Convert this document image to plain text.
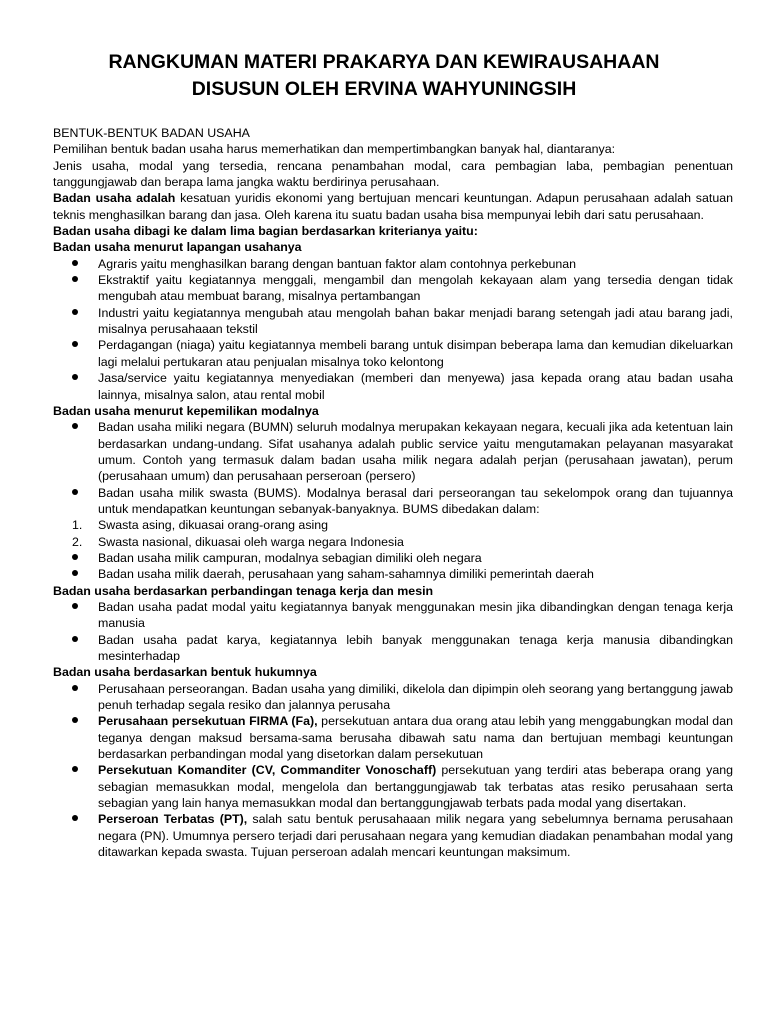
RANGKUMAN MATERI PRAKARYA DAN KEWIRAUSAHAAN
DISUSUN OLEH ERVINA WAHYUNINGSIH

BENTUK-BENTUK BADAN USAHA

Pemilihan bentuk badan usaha harus memerhatikan dan mempertimbangkan banyak hal, diantaranya:

Jenis usaha, modal yang tersedia, rencana penambahan modal, cara pembagian laba, pembagian penentuan tanggungjawab dan berapa lama jangka waktu berdirinya perusahaan.

Badan usaha adalah kesatuan yuridis ekonomi yang bertujuan mencari keuntungan. Adapun perusahaan adalah satuan teknis menghasilkan barang dan jasa. Oleh karena itu suatu badan usaha bisa mempunyai lebih dari satu perusahaan.

Badan usaha dibagi ke dalam lima bagian berdasarkan kriterianya yaitu:

Badan usaha menurut lapangan usahanya

Agraris yaitu menghasilkan barang dengan bantuan faktor alam contohnya perkebunan
Ekstraktif yaitu kegiatannya menggali, mengambil dan mengolah kekayaan alam yang tersedia dengan tidak mengubah atau membuat barang, misalnya pertambangan
Industri yaitu kegiatannya mengubah atau mengolah bahan bakar menjadi barang setengah jadi atau barang jadi, misalnya perusahaaan tekstil
Perdagangan (niaga) yaitu kegiatannya membeli barang untuk disimpan beberapa lama dan kemudian dikeluarkan lagi melalui pertukaran atau penjualan misalnya toko kelontong
Jasa/service yaitu kegiatannya menyediakan (memberi dan menyewa) jasa kepada orang atau badan usaha lainnya, misalnya salon, atau rental mobil

Badan usaha menurut kepemilikan modalnya

Badan usaha miliki negara (BUMN) seluruh modalnya merupakan kekayaan negara, kecuali jika ada ketentuan lain berdasarkan undang-undang. Sifat usahanya adalah public service yaitu mengutamakan pelayanan masyarakat umum. Contoh yang termasuk dalam badan usaha milik negara adalah perjan (perusahaan jawatan), perum (perusahaan umum) dan perusahaan perseroan (persero)
Badan usaha milik swasta (BUMS). Modalnya berasal dari perseorangan tau sekelompok orang dan tujuannya untuk mendapatkan keuntungan sebanyak-banyaknya. BUMS dibedakan dalam:
1. Swasta asing, dikuasai orang-orang asing
2. Swasta nasional, dikuasai oleh warga negara Indonesia
Badan usaha milik campuran, modalnya sebagian dimiliki oleh negara
Badan usaha milik daerah, perusahaan yang saham-sahamnya dimiliki pemerintah daerah

Badan usaha berdasarkan perbandingan tenaga kerja dan mesin

Badan usaha padat modal yaitu kegiatannya banyak menggunakan mesin jika dibandingkan dengan tenaga kerja manusia
Badan usaha padat karya, kegiatannya lebih banyak menggunakan tenaga kerja manusia dibandingkan mesinterhadap

Badan usaha berdasarkan bentuk hukumnya

Perusahaan perseorangan. Badan usaha yang dimiliki, dikelola dan dipimpin oleh seorang yang bertanggung jawab penuh terhadap segala resiko dan jalannya perusaha
Perusahaan persekutuan FIRMA (Fa), persekutuan antara dua orang atau lebih yang menggabungkan modal dan teganya dengan maksud bersama-sama berusaha dibawah satu nama dan bertujuan membagi keuntungan berdasarkan perbandingan modal yang disetorkan dalam persekutuan
Persekutuan Komanditer (CV, Commanditer Vonoschaff) persekutuan yang terdiri atas beberapa orang yang sebagian memasukkan modal, mengelola dan bertanggungjawab tak terbatas atas resiko perusahaan serta sebagian yang lain hanya memasukkan modal dan bertanggungjawab terbats pada modal yang disertakan.
Perseroan Terbatas (PT), salah satu bentuk perusahaaan milik negara yang sebelumnya bernama perusahaan negara (PN). Umumnya persero terjadi dari perusahaan negara yang kemudian diadakan penambahan modal yang ditawarkan kepada swasta. Tujuan perseroan adalah mencari keuntungan maksimum.
